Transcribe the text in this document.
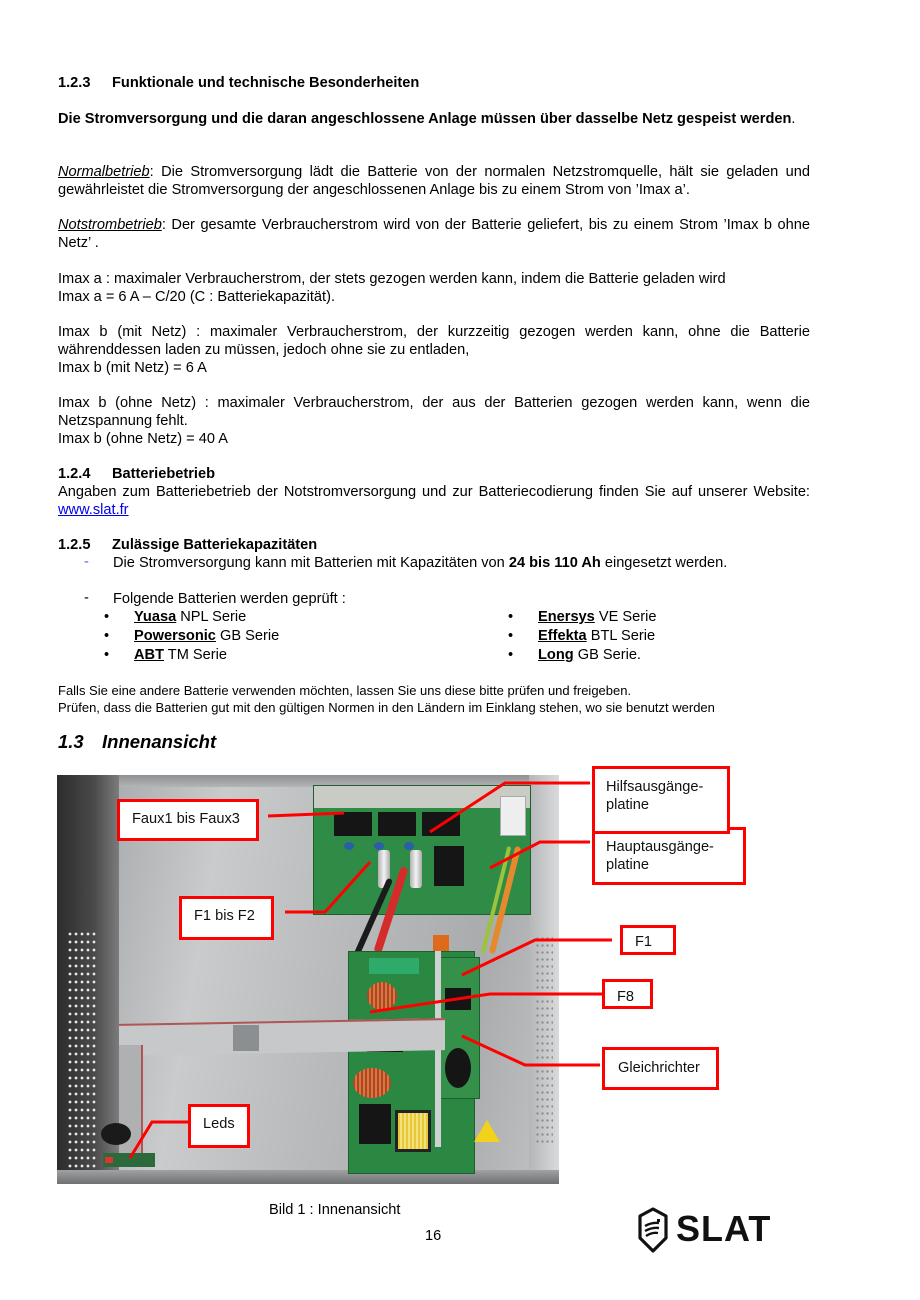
1.2.3 Funktionale und technische Besonderheiten
Die Stromversorgung und die daran angeschlossene Anlage müssen über dasselbe Netz gespeist werden.
Normalbetrieb: Die Stromversorgung lädt die Batterie von der normalen Netzstromquelle, hält sie geladen und gewährleistet die Stromversorgung der angeschlossenen Anlage bis zu einem Strom von ’Imax a’.
Notstrombetrieb: Der gesamte Verbraucherstrom wird von der Batterie geliefert, bis zu einem Strom ’Imax b ohne Netz’ .
Imax a : maximaler Verbraucherstrom, der stets gezogen werden kann, indem die Batterie geladen wird
Imax a = 6 A – C/20 (C : Batteriekapazität).
Imax b (mit Netz) : maximaler Verbraucherstrom, der kurzzeitig gezogen werden kann, ohne die Batterie währenddessen laden zu müssen, jedoch ohne sie zu entladen,
Imax b (mit Netz) = 6 A
Imax b (ohne Netz) : maximaler Verbraucherstrom, der aus der Batterien gezogen werden kann, wenn die Netzspannung fehlt.
Imax b (ohne Netz) = 40 A
1.2.4 Batteriebetrieb
Angaben zum Batteriebetrieb der Notstromversorgung und zur Batteriecodierung finden Sie auf unserer Website: www.slat.fr
1.2.5 Zulässige Batteriekapazitäten
- Die Stromversorgung kann mit Batterien mit Kapazitäten von 24 bis 110 Ah eingesetzt werden.
- Folgende Batterien werden geprüft :
• Yuasa NPL Serie
• Powersonic GB Serie
• ABT TM Serie
• Enersys VE Serie
• Effekta BTL Serie
• Long GB Serie.
Falls Sie eine andere Batterie verwenden möchten, lassen Sie uns diese bitte prüfen und freigeben.
Prüfen, dass die Batterien gut mit den gültigen Normen in den Ländern im Einklang stehen, wo sie benutzt werden
1.3 Innenansicht
Faux1 bis Faux3
F1 bis F2
Leds
Hauptausgänge-
platine
Hilfsausgänge-
platine
F1
F8
Gleichrichter
Bild 1 : Innenansicht
16	SLAT
